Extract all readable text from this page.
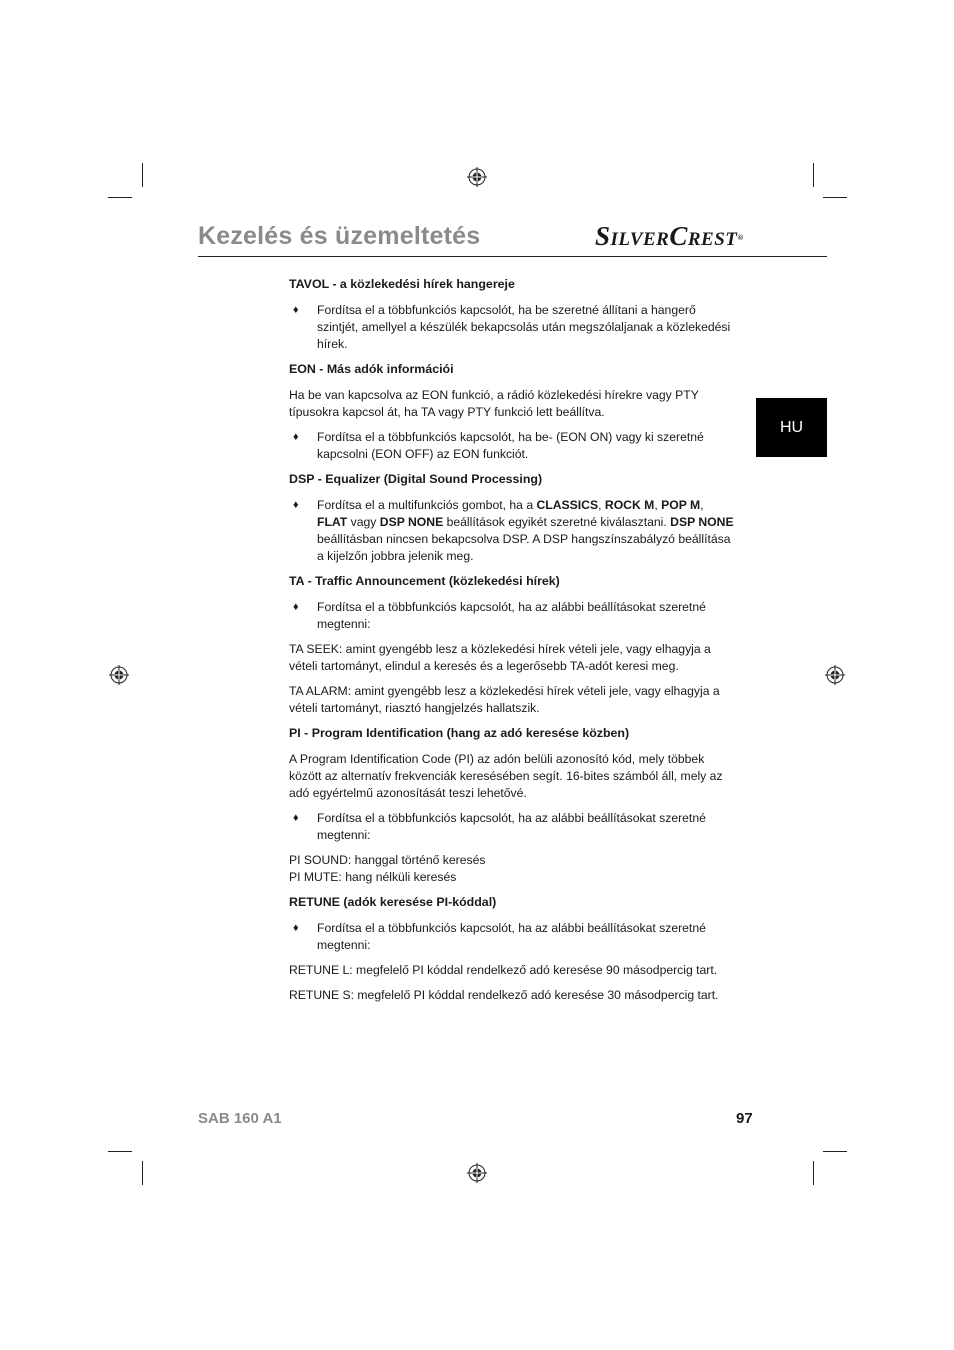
Kezelés és üzemeltetés	SILVERCREST®
HU
TAVOL - a közlekedési hírek hangereje
♦ Fordítsa el a többfunkciós kapcsolót, ha be szeretné állítani a hangerő szintjét, amellyel a készülék bekapcsolás után megszólaljanak a közlekedési hírek.
EON - Más adók információi

Ha be van kapcsolva az EON funkció, a rádió közlekedési hírekre vagy PTY típusokra kapcsol át, ha TA vagy PTY funkció lett beállítva.

♦ Fordítsa el a többfunkciós kapcsolót, ha be- (EON ON) vagy ki szeretné kapcsolni (EON OFF) az EON funkciót.
DSP - Equalizer (Digital Sound Processing)
♦ Fordítsa el a multifunkciós gombot, ha a CLASSICS, ROCK M, POP M, FLAT vagy DSP NONE beállítások egyikét szeretné kiválasztani. DSP NONE beállításban nincsen bekapcsolva DSP. A DSP hangszínszabályzó beállítása a kijelzőn jobbra jelenik meg.
TA - Traffic Announcement (közlekedési hírek)
♦ Fordítsa el a többfunkciós kapcsolót, ha az alábbi beállításokat szeretné megtenni:

TA SEEK: amint gyengébb lesz a közlekedési hírek vételi jele, vagy elhagyja a vételi tartományt, elindul a keresés és a legerősebb TA-adót keresi meg.

TA ALARM: amint gyengébb lesz a közlekedési hírek vételi jele, vagy elhagyja a vételi tartományt, riasztó hangjelzés hallatszik.

PI - Program Identification (hang az adó keresése közben)

A Program Identification Code (PI) az adón belüli azonosító kód, mely többek között az alternatív frekvenciák keresésében segít. 16-bites számból áll, mely az adó egyértelmű azonosítását teszi lehetővé.

♦ Fordítsa el a többfunkciós kapcsolót, ha az alábbi beállításokat szeretné megtenni:

PI SOUND: hanggal történő keresés

PI MUTE: hang nélküli keresés

RETUNE (adók keresése PI-kóddal)
♦ Fordítsa el a többfunkciós kapcsolót, ha az alábbi beállításokat szeretné megtenni:

RETUNE L: megfelelő PI kóddal rendelkező adó keresése 90 másodpercig tart.

RETUNE S: megfelelő PI kóddal rendelkező adó keresése 30 másodpercig tart.

SAB 160 A1	97
